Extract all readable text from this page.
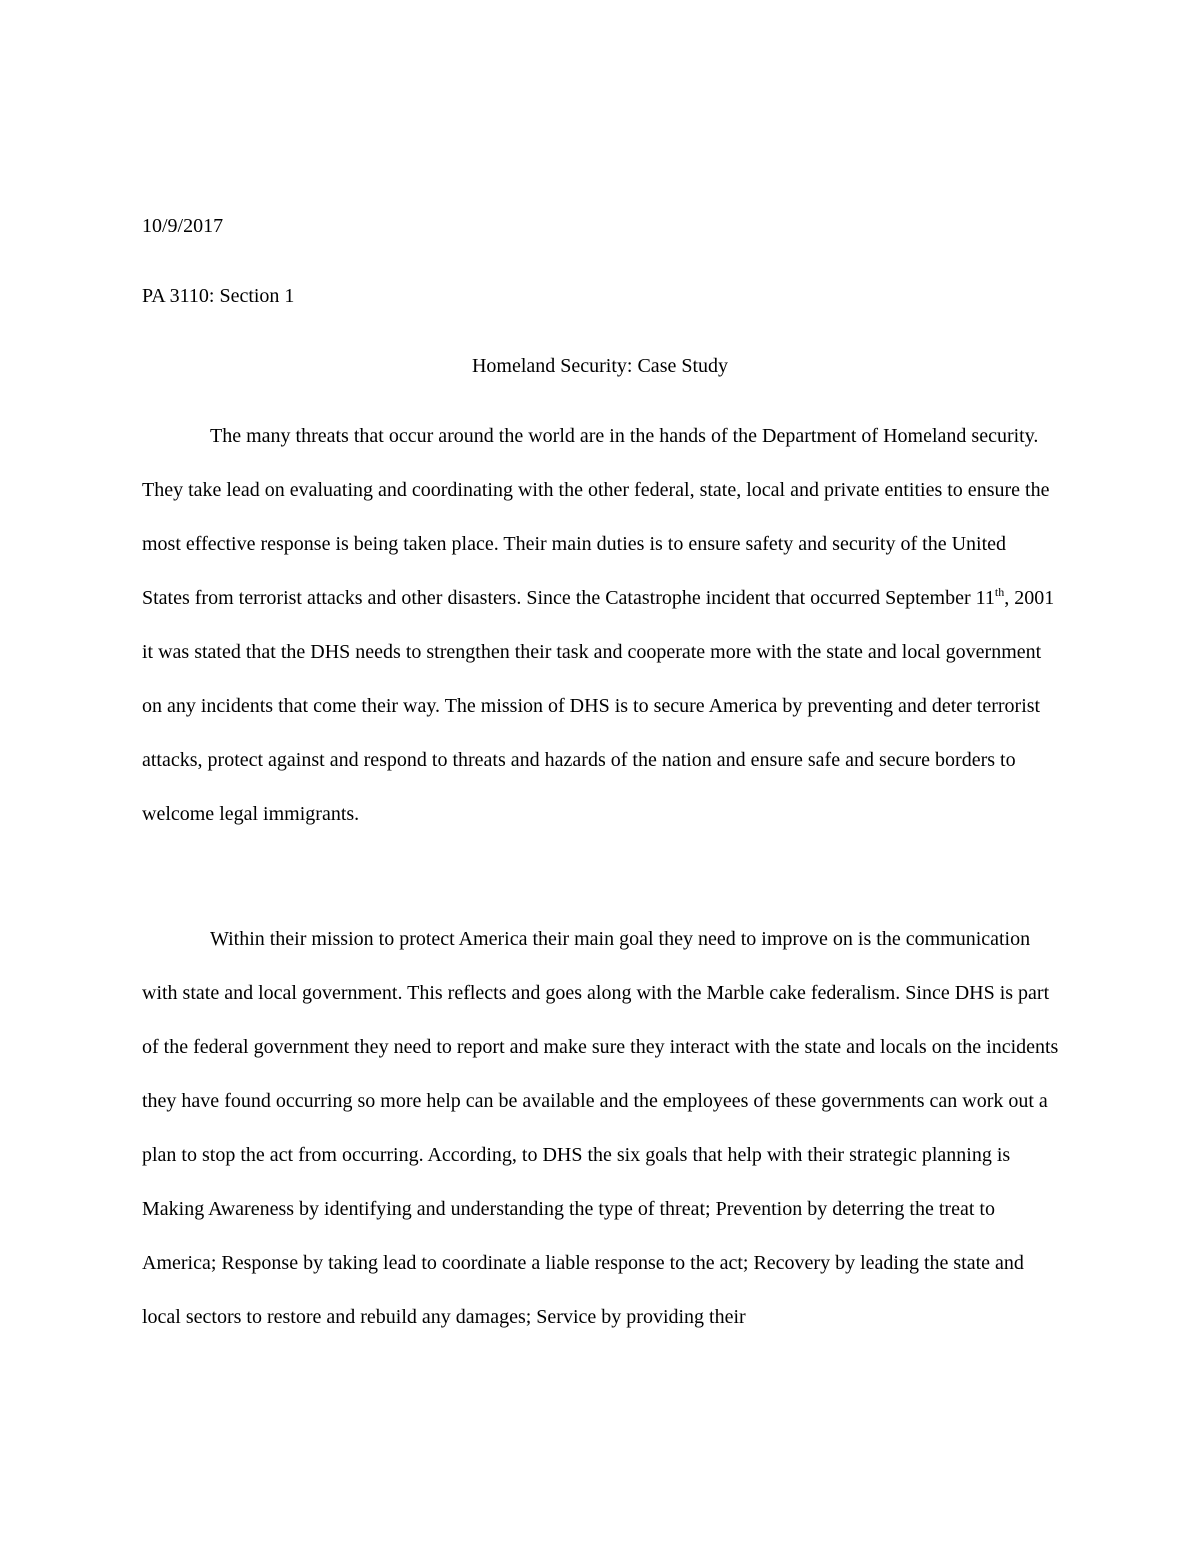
10/9/2017
PA 3110: Section 1
Homeland Security: Case Study

The many threats that occur around the world are in the hands of the Department of Homeland security. They take lead on evaluating and coordinating with the other federal, state, local and private entities to ensure the most effective response is being taken place. Their main duties is to ensure safety and security of the United States from terrorist attacks and other disasters. Since the Catastrophe incident that occurred September 11th, 2001 it was stated that the DHS needs to strengthen their task and cooperate more with the state and local government on any incidents that come their way. The mission of DHS is to secure America by preventing and deter terrorist attacks, protect against and respond to threats and hazards of the nation and ensure safe and secure borders to welcome legal immigrants.

Within their mission to protect America their main goal they need to improve on is the communication with state and local government. This reflects and goes along with the Marble cake federalism. Since DHS is part of the federal government they need to report and make sure they interact with the state and locals on the incidents they have found occurring so more help can be available and the employees of these governments can work out a plan to stop the act from occurring. According, to DHS the six goals that help with their strategic planning is Making Awareness by identifying and understanding the type of threat; Prevention by deterring the treat to America; Response by taking lead to coordinate a liable response to the act; Recovery by leading the state and local sectors to restore and rebuild any damages; Service by providing their
